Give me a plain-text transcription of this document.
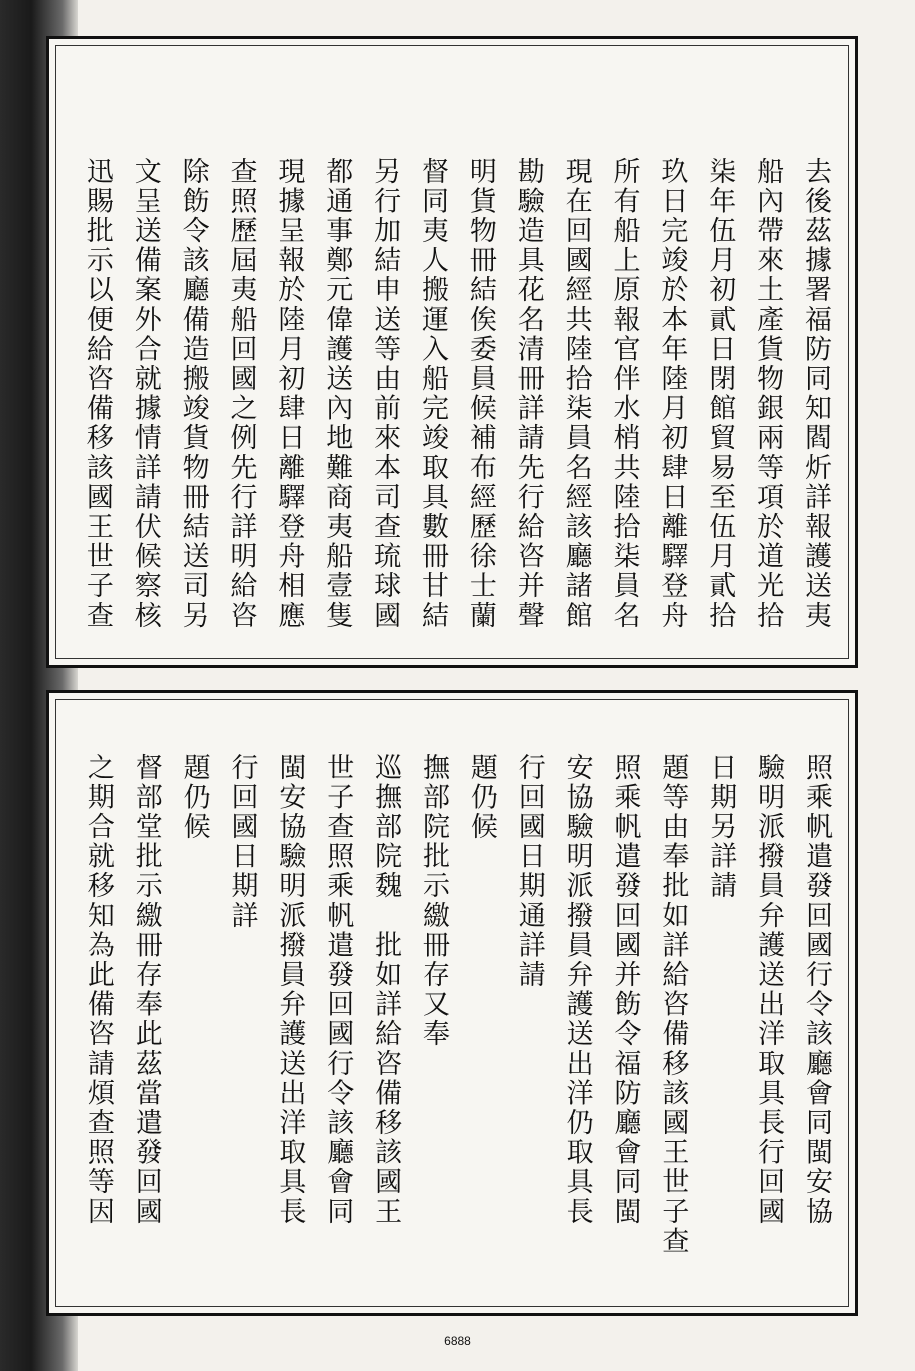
去後茲據署福防同知閻炘詳報護送夷
船內帶來土產貨物銀兩等項於道光拾
柒年伍月初貳日閉館貿易至伍月貳拾
玖日完竣於本年陸月初肆日離驛登舟
所有船上原報官伴水梢共陸拾柒員名
現在回國經共陸拾柒員名經該廳諸館
勘驗造具花名清冊詳請先行給咨并聲
明貨物冊結俟委員候補布經歷徐士蘭
督同夷人搬運入船完竣取具數冊甘結
另行加結申送等由前來本司查琉球國
都通事鄭元偉護送內地難商夷船壹隻
現據呈報於陸月初肆日離驛登舟相應
查照歷屆夷船回國之例先行詳明給咨
除飭令該廳備造搬竣貨物冊結送司另
文呈送備案外合就據情詳請伏候察核
迅賜批示以便給咨備移該國王世子查
照乘帆遣發回國行令該廳會同閩安協
驗明派撥員弁護送出洋取具長行回國
日期另詳請
題等由奉批如詳給咨備移該國王世子查
照乘帆遣發回國并飭令福防廳會同閩
安協驗明派撥員弁護送出洋仍取具長
行回國日期通詳請
題仍候
撫部院批示繳冊存又奉
巡撫部院魏　批如詳給咨備移該國王
世子查照乘帆遣發回國行令該廳會同
閩安協驗明派撥員弁護送出洋取具長
行回國日期詳
題仍候
督部堂批示繳冊存奉此茲當遣發回國
之期合就移知為此備咨請煩查照等因
6888
